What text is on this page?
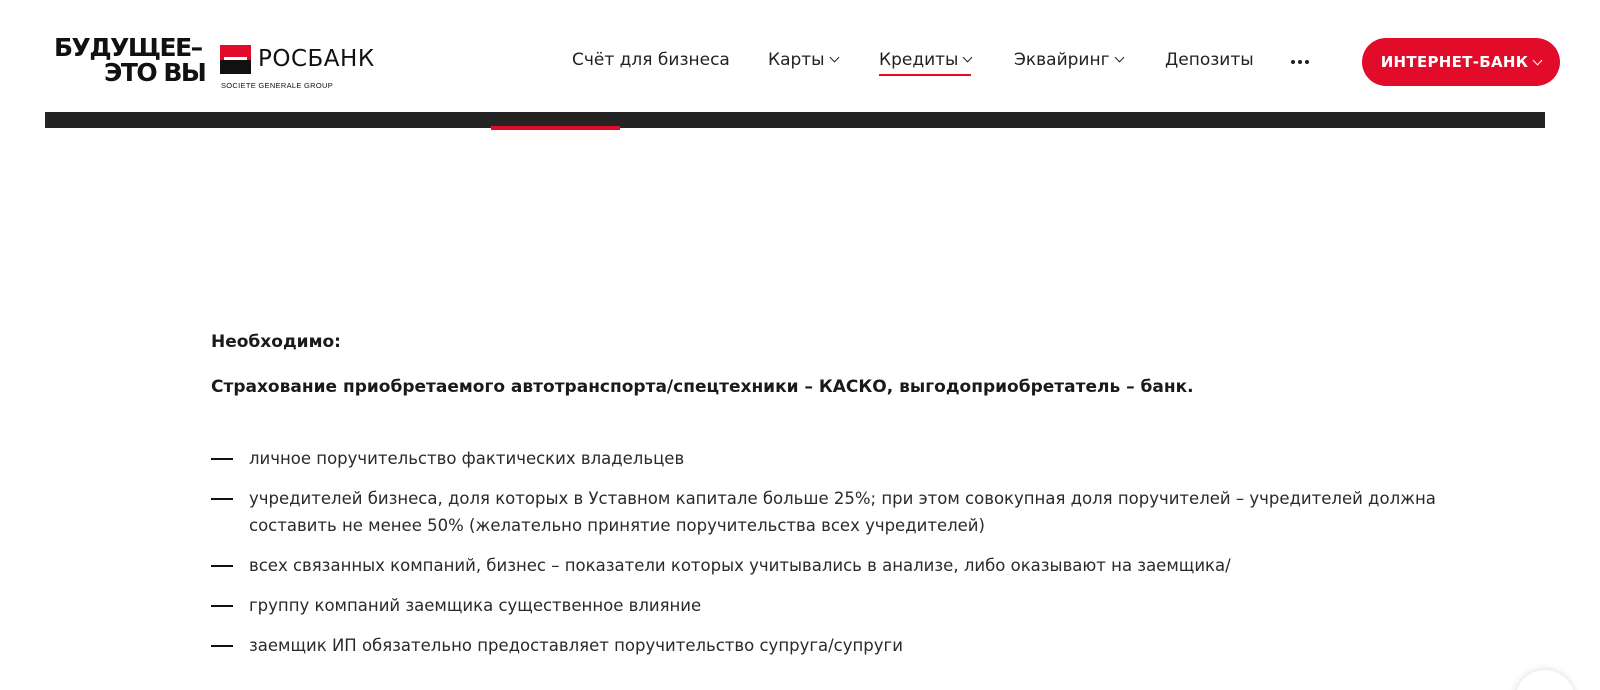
БУДУЩЕЕ–
ЭТО ВЫ РОСБАНК
SOCIETE GENERALE GROUP
Счёт для бизнеса Карты	Кредиты	Эквайринг	Депозиты	ИНТЕРНЕТ-БАНК
Необходимо:

Страхование приобретаемого автотранспорта/спецтехники – КАСКО, выгодоприобретатель – банк.

личное поручительство фактических владельцев
учредителей бизнеса, доля которых в Уставном капитале больше 25%; при этом совокупная доля поручителей – учредителей должна составить не менее 50% (желательно принятие поручительства всех учредителей)
всех связанных компаний, бизнес – показатели которых учитывались в анализе, либо оказывают на заемщика/
группу компаний заемщика существенное влияние
заемщик ИП обязательно предоставляет поручительство супруга/супруги
